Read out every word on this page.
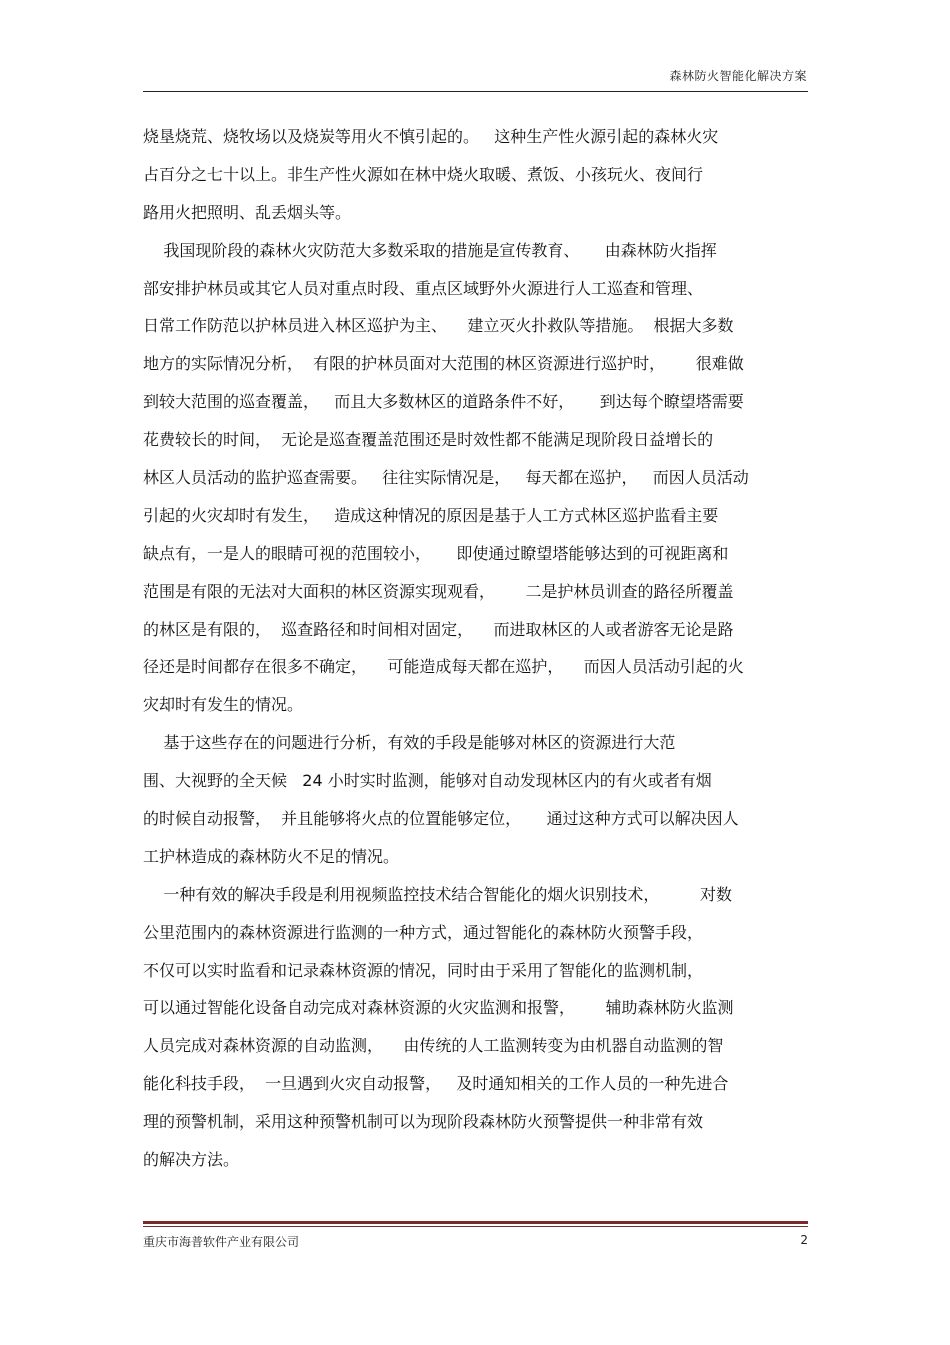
森林防火智能化解决方案
烧垦烧荒、烧牧场以及烧炭等用火不慎引起的。   这种生产性火源引起的森林火灾
占百分之七十以上。非生产性火源如在林中烧火取暖、煮饭、小孩玩火、夜间行
路用火把照明、乱丢烟头等。
我国现阶段的森林火灾防范大多数采取的措施是宣传教育、     由森林防火指挥
部安排护林员或其它人员对重点时段、重点区域野外火源进行人工巡查和管理、
日常工作防范以护林员进入林区巡护为主、    建立灭火扑救队等措施。  根据大多数
地方的实际情况分析，  有限的护林员面对大范围的林区资源进行巡护时，      很难做
到较大范围的巡查覆盖，   而且大多数林区的道路条件不好，     到达每个瞭望塔需要
花费较长的时间，  无论是巡查覆盖范围还是时效性都不能满足现阶段日益增长的
林区人员活动的监护巡查需要。   往往实际情况是，   每天都在巡护，   而因人员活动
引起的火灾却时有发生，   造成这种情况的原因是基于人工方式林区巡护监看主要
缺点有，一是人的眼睛可视的范围较小，     即使通过瞭望塔能够达到的可视距离和
范围是有限的无法对大面积的林区资源实现观看，      二是护林员训查的路径所覆盖
的林区是有限的，  巡查路径和时间相对固定，    而进取林区的人或者游客无论是路
径还是时间都存在很多不确定，    可能造成每天都在巡护，    而因人员活动引起的火
灾却时有发生的情况。
基于这些存在的问题进行分析，有效的手段是能够对林区的资源进行大范
围、大视野的全天候   24 小时实时监测，能够对自动发现林区内的有火或者有烟
的时候自动报警，  并且能够将火点的位置能够定位，     通过这种方式可以解决因人
工护林造成的森林防火不足的情况。
一种有效的解决手段是利用视频监控技术结合智能化的烟火识别技术，        对数
公里范围内的森林资源进行监测的一种方式，通过智能化的森林防火预警手段，
不仅可以实时监看和记录森林资源的情况，同时由于采用了智能化的监测机制，
可以通过智能化设备自动完成对森林资源的火灾监测和报警，      辅助森林防火监测
人员完成对森林资源的自动监测，    由传统的人工监测转变为由机器自动监测的智
能化科技手段，  一旦遇到火灾自动报警，   及时通知相关的工作人员的一种先进合
理的预警机制，采用这种预警机制可以为现阶段森林防火预警提供一种非常有效
的解决方法。
重庆市海普软件产业有限公司	2
